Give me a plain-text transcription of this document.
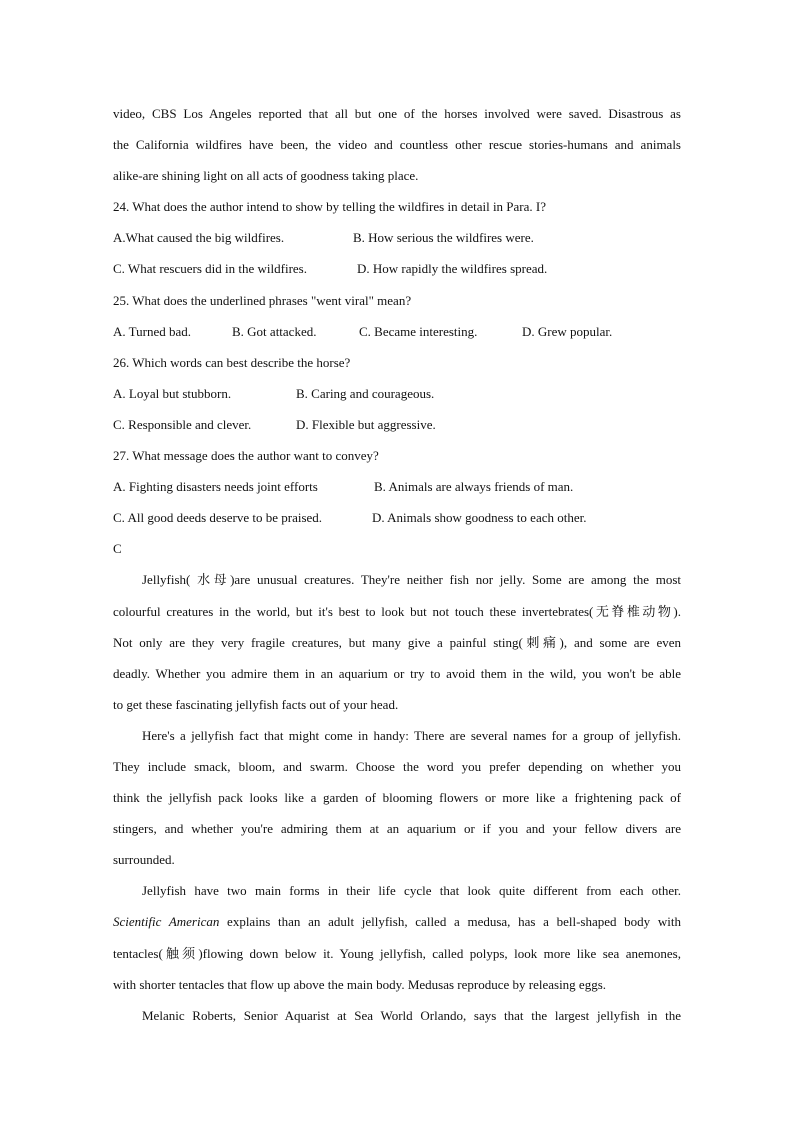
video, CBS Los Angeles reported that all but one of the horses involved were saved. Disastrous as

the California wildfires have been, the video and countless other rescue stories-humans and animals

alike-are shining light on all acts of goodness taking place.

24. What does the author intend to show by telling the wildfires in detail in Para. I?

A.What caused the big wildfires.	B. How serious the wildfires were.
C. What rescuers did in the wildfires.	D. How rapidly the wildfires spread.

25. What does the underlined phrases "went viral" mean?

A. Turned bad.	B. Got attacked.	C. Became interesting.	D. Grew popular.

26. Which words can best describe the horse?

A. Loyal but stubborn.	B. Caring and courageous.
C. Responsible and clever.	D. Flexible but aggressive.

27. What message does the author want to convey?

A. Fighting disasters needs joint efforts	B. Animals are always friends of man.
C. All good deeds deserve to be praised.	D. Animals show goodness to each other.

C

Jellyfish( 水母)are unusual creatures. They're neither fish nor jelly. Some are among the most

colourful creatures in the world, but it's best to look but not touch these invertebrates(无脊椎动物).

Not only are they very fragile creatures, but many give a painful sting(刺痛), and some are even

deadly. Whether you admire them in an aquarium or try to avoid them in the wild, you won't be able

to get these fascinating jellyfish facts out of your head.

Here's a jellyfish fact that might come in handy: There are several names for a group of jellyfish.

They include smack, bloom, and swarm. Choose the word you prefer depending on whether you

think the jellyfish pack looks like a garden of blooming flowers or more like a frightening pack of

stingers, and whether you're admiring them at an aquarium or if you and your fellow divers are

surrounded.

Jellyfish have two main forms in their life cycle that look quite different from each other.

Scientific American explains than an adult jellyfish, called a medusa, has a bell-shaped body with

tentacles(触须)flowing down below it. Young jellyfish, called polyps, look more like sea anemones,

with shorter tentacles that flow up above the main body. Medusas reproduce by releasing eggs.

Melanic Roberts, Senior Aquarist at Sea World Orlando, says that the largest jellyfish in the
